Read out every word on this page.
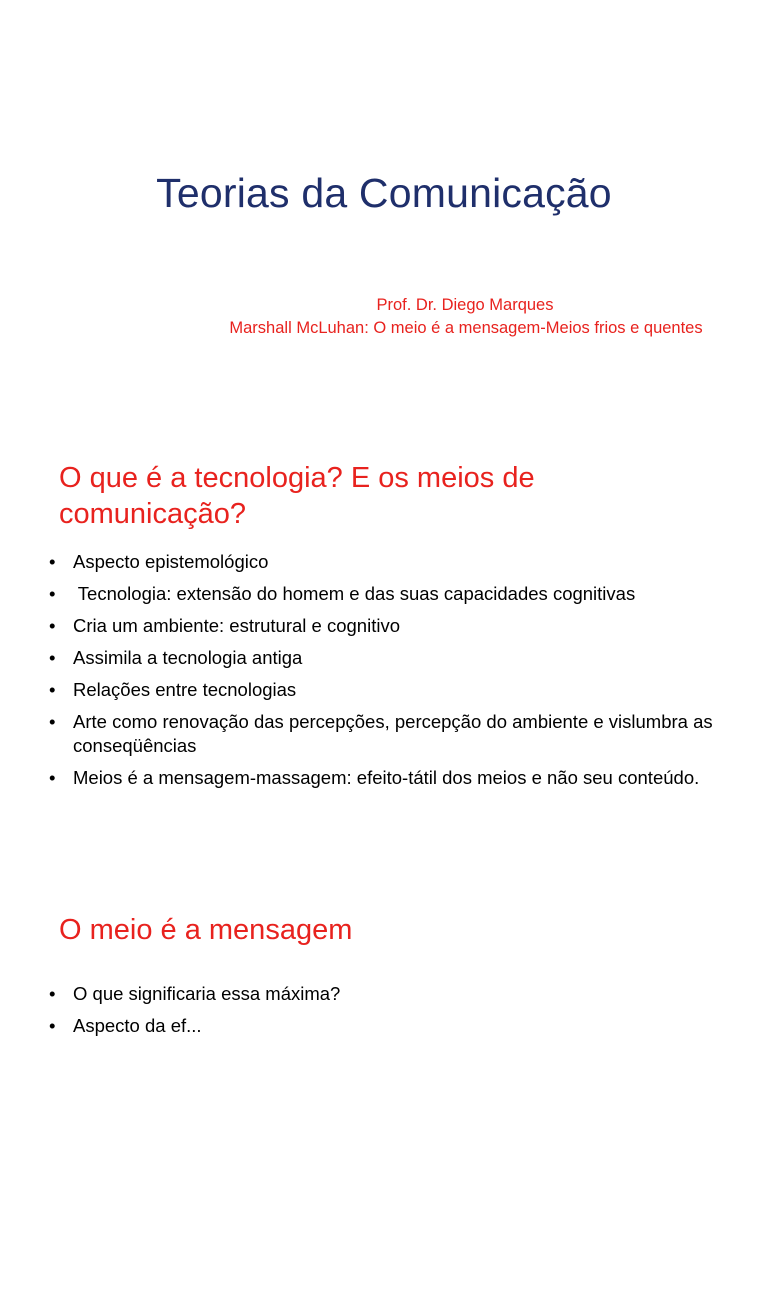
Teorias da Comunicação
Prof. Dr. Diego Marques
Marshall McLuhan: O meio é a mensagem-Meios frios e quentes
O que é a tecnologia? E os meios de
comunicação?
• Aspecto epistemológico
• Tecnologia: extensão do homem e das suas capacidades cognitivas
• Cria um ambiente: estrutural e cognitivo
• Assimila a tecnologia antiga
• Relações entre tecnologias
• Arte como renovação das percepções, percepção do ambiente e vislumbra as conseqüências
• Meios é a mensagem-massagem: efeito-tátil dos meios e não seu conteúdo.
O meio é a mensagem
• O que significaria essa máxima?
• Aspecto da ef...
